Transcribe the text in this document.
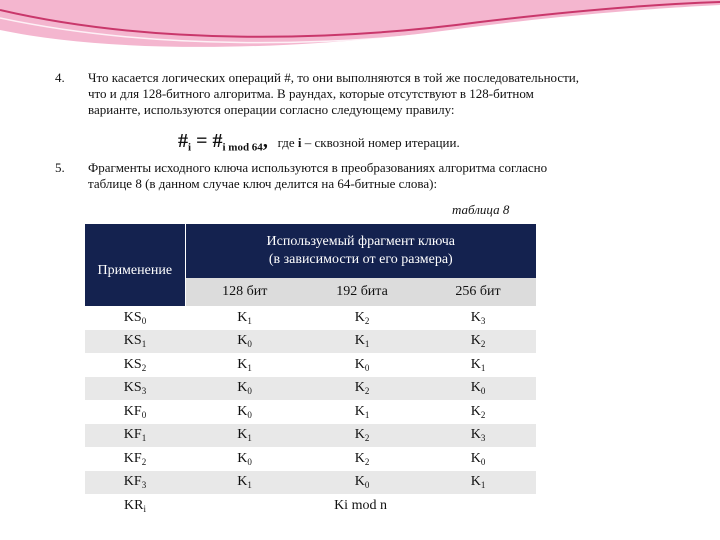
4. Что касается логических операций #, то они выполняются в той же последовательности,
что и для 128-битного алгоритма. В раундах, которые отсутствуют в 128-битном
варианте, используются операции согласно следующему правилу:
$\#_i$ = $\#_{i mod 64}$,   где i – сквозной номер итерации.
5. Фрагменты исходного ключа используются в преобразованиях алгоритма согласно
таблице 8 (в данном случае ключ делится на 64-битные слова):
таблица 8
Применение	Используемый фрагмент ключа
(в зависимости от его размера)		

	128 бит	192 бита	256 бит
$KS_0$	$K_1$	$K_2$	$K_3$
$KS_1$	$K_0$	$K_1$	$K_2$
$KS_2$	$K_1$	$K_0$	$K_1$
$KS_3$	$K_0$	$K_2$	$K_0$
$KF_0$	$K_0$	$K_1$	$K_2$
$KF_1$	$K_1$	$K_2$	$K_3$
$KF_2$	$K_0$	$K_2$	$K_0$
$KF_3$	$K_1$	$K_0$	$K_1$
$KR_i$	Ki mod n		
